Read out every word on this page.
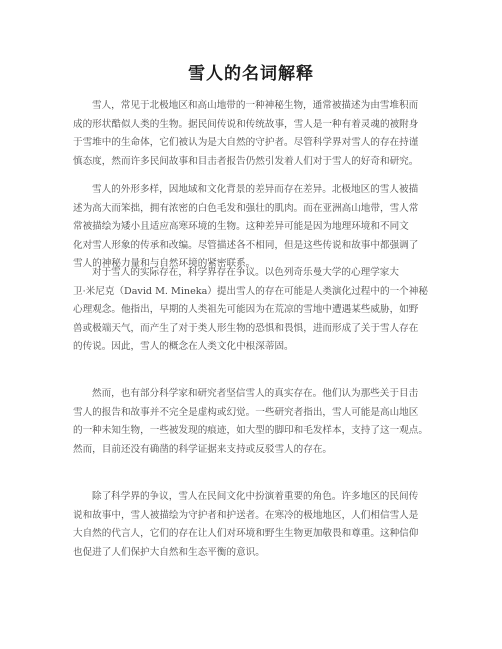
雪人的名词解释
雪人，常见于北极地区和高山地带的一种神秘生物，通常被描述为由雪堆积而
成的形状酷似人类的生物。据民间传说和传统故事，雪人是一种有着灵魂的被附身
于雪堆中的生命体，它们被认为是大自然的守护者。尽管科学界对雪人的存在持谨
慎态度，然而许多民间故事和目击者报告仍然引发着人们对于雪人的好奇和研究。
雪人的外形多样，因地域和文化背景的差异而存在差异。北极地区的雪人被描
述为高大而笨拙，拥有浓密的白色毛发和强壮的肌肉。而在亚洲高山地带，雪人常
常被描绘为矮小且适应高寒环境的生物。这种差异可能是因为地理环境和不同文
化对雪人形象的传承和改编。尽管描述各不相同，但是这些传说和故事中都强调了
雪人的神秘力量和与自然环境的紧密联系。
对于雪人的实际存在，科学界存在争议。以色列奇乐曼大学的心理学家大
卫·米尼克（David M. Mineka）提出雪人的存在可能是人类演化过程中的一个神秘
心理观念。他指出，早期的人类祖先可能因为在荒凉的雪地中遭遇某些威胁，如野
兽或极端天气，而产生了对于类人形生物的恐惧和畏惧，进而形成了关于雪人存在
的传说。因此，雪人的概念在人类文化中根深蒂固。
然而，也有部分科学家和研究者坚信雪人的真实存在。他们认为那些关于目击
雪人的报告和故事并不完全是虚构或幻觉。一些研究者指出，雪人可能是高山地区
的一种未知生物，一些被发现的痕迹，如大型的脚印和毛发样本，支持了这一观点。
然而，目前还没有确凿的科学证据来支持或反驳雪人的存在。
除了科学界的争议，雪人在民间文化中扮演着重要的角色。许多地区的民间传
说和故事中，雪人被描绘为守护者和护送者。在寒冷的极地地区，人们相信雪人是
大自然的代言人，它们的存在让人们对环境和野生生物更加敬畏和尊重。这种信仰
也促进了人们保护大自然和生态平衡的意识。
